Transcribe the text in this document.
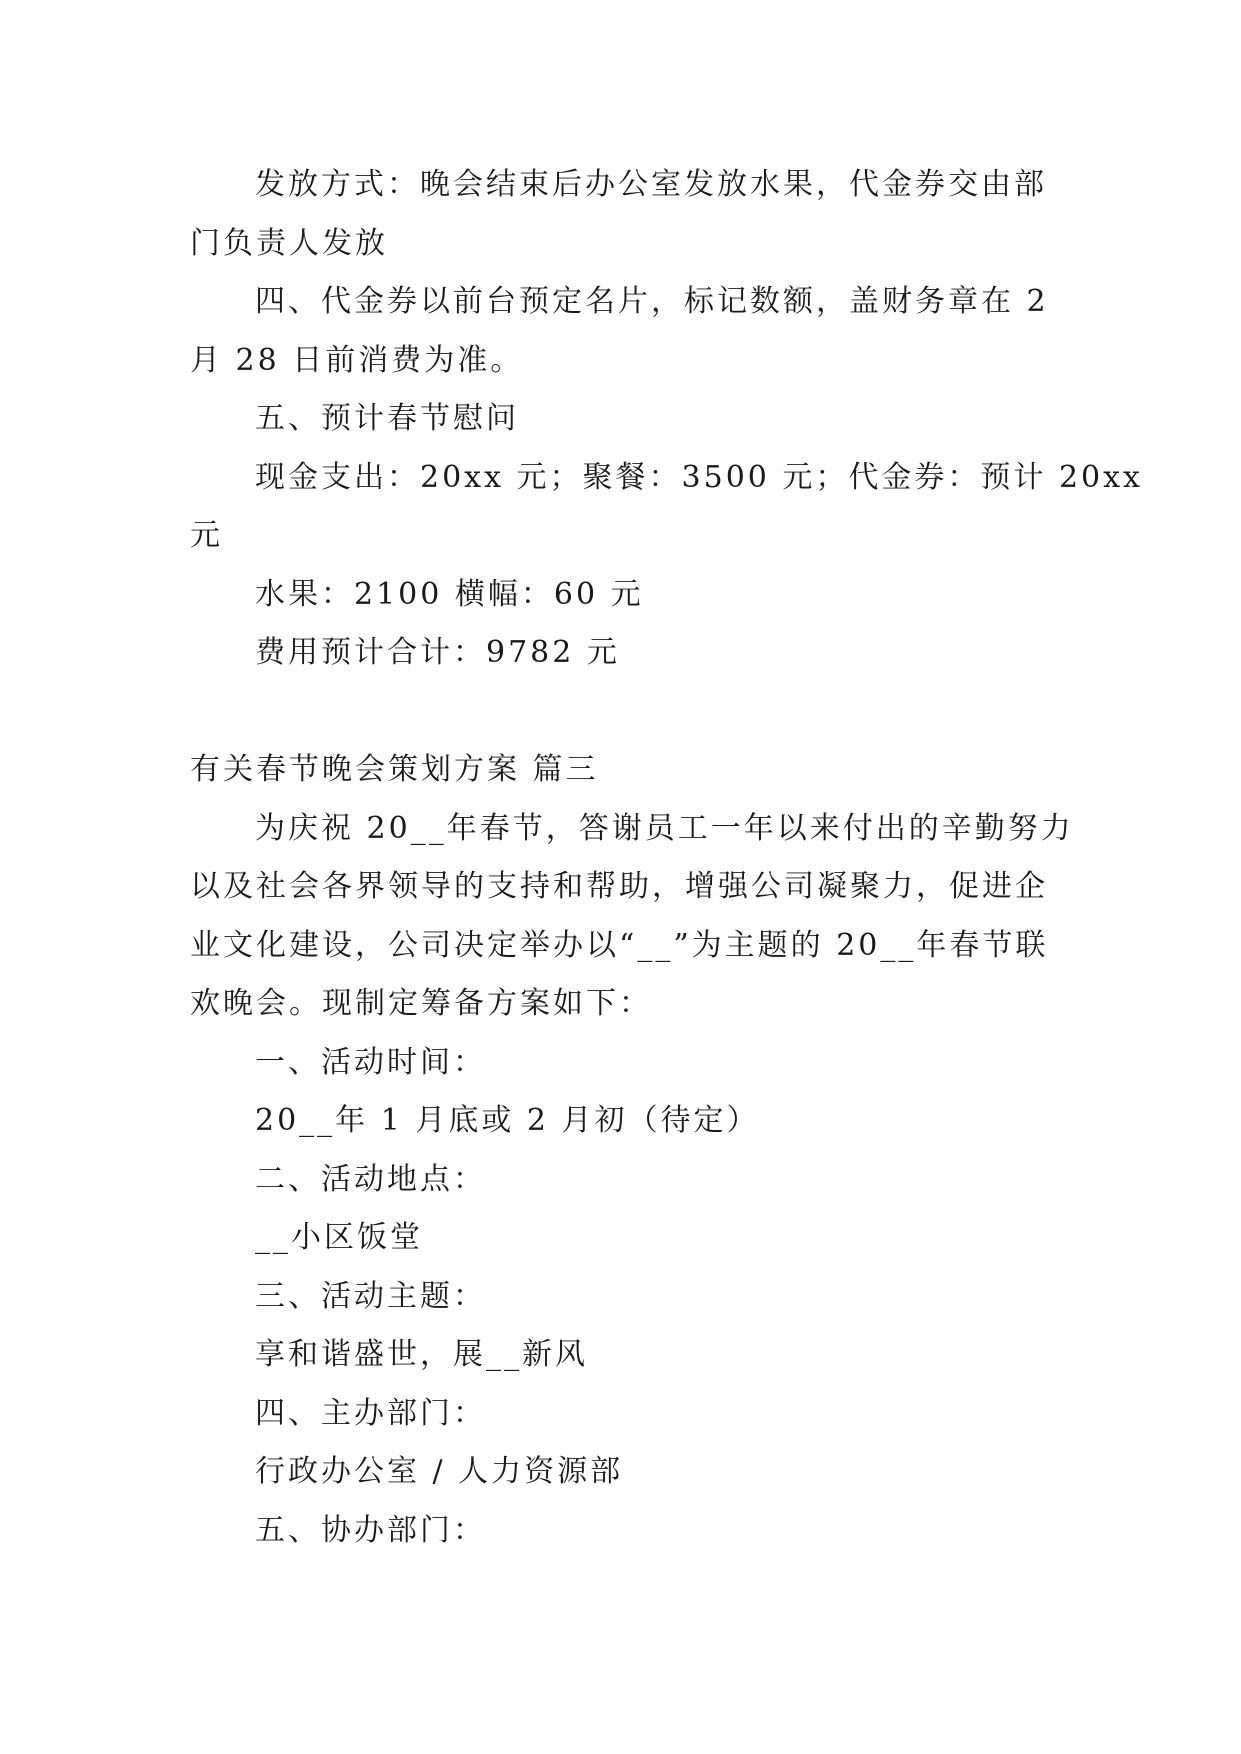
发放方式：晚会结束后办公室发放水果，代金券交由部
门负责人发放
四、代金券以前台预定名片，标记数额，盖财务章在 2
月 28 日前消费为准。
五、预计春节慰问
现金支出：20xx 元；聚餐：3500 元；代金券：预计 20xx
元
水果：2100 横幅：60 元
费用预计合计：9782 元
有关春节晚会策划方案 篇三
为庆祝 20__年春节，答谢员工一年以来付出的辛勤努力
以及社会各界领导的支持和帮助，增强公司凝聚力，促进企
业文化建设，公司决定举办以“__”为主题的 20__年春节联
欢晚会。现制定筹备方案如下：
一、活动时间：
20__年 1 月底或 2 月初（待定）
二、活动地点：
__小区饭堂
三、活动主题：
享和谐盛世，展__新风
四、主办部门：
行政办公室 / 人力资源部
五、协办部门：
